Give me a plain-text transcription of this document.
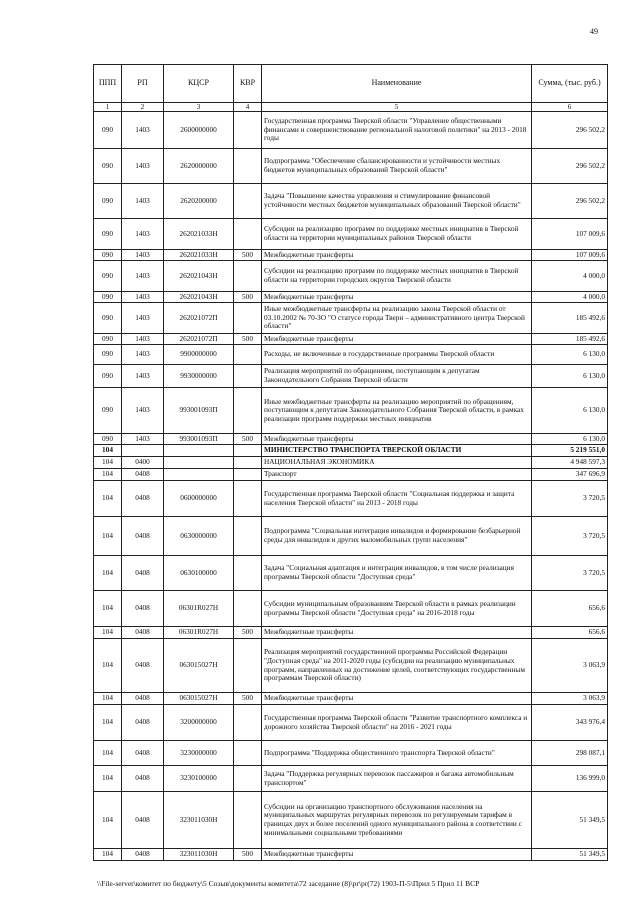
49
ППП	РП	КЦСР	КВР	Наименование	Сумма, (тыс. руб.)
1	2	3	4	5	6
090	1403	2600000000		Государственная программа Тверской области "Управление общественными финансами и совершенствование региональной налоговой политики" на 2013 - 2018 годы	296 502,2
090	1403	2620000000		Подпрограмма "Обеспечение сбалансированности и устойчивости местных бюджетов муниципальных образований Тверской области"	296 502,2
090	1403	2620200000		Задача "Повышение качества управления и стимулирование финансовой устойчивости местных бюджетов муниципальных образований Тверской области"	296 502,2
090	1403	262021033Н		Субсидии на реализацию программ по поддержке местных инициатив в Тверской области на территории муниципальных районов Тверской области	107 009,6
090	1403	262021033Н	500	Межбюджетные трансферты	107 009,6
090	1403	262021043Н		Субсидии на реализацию программ по поддержке местных инициатив в Тверской области на территории городских округов Тверской области	4 000,0
090	1403	262021043Н	500	Межбюджетные трансферты	4 000,0
090	1403	262021072П		Иные межбюджетные трансферты на реализацию закона Тверской области от 03.10.2002 № 70-ЗО "О статусе города Твери – административного центра Тверской области"	185 492,6
090	1403	262021072П	500	Межбюджетные трансферты	185 492,6
090	1403	9900000000		Расходы, не включенные в государственные программы Тверской области	6 130,0
090	1403	9930000000		Реализация мероприятий по обращениям, поступающим к депутатам Законодательного Собрания Тверской области	6 130,0
090	1403	993001093П		Иные межбюджетные трансферты на реализацию мероприятий по обращениям, поступающим к депутатам Законодательного Собрания Тверской области, в рамках реализации программ поддержки местных инициатив	6 130,0
090	1403	993001093П	500	Межбюджетные трансферты	6 130,0
104				МИНИСТЕРСТВО ТРАНСПОРТА ТВЕРСКОЙ ОБЛАСТИ	5 219 551,0
104	0400			НАЦИОНАЛЬНАЯ ЭКОНОМИКА	4 948 597,3
104	0408			Транспорт	347 696,9
104	0408	0600000000		Государственная программа Тверской области "Социальная поддержка и защита населения Тверской области" на 2013 - 2018 годы	3 720,5
104	0408	0630000000		Подпрограмма "Социальная интеграция инвалидов и формирование безбарьерной среды для инвалидов и других маломобильных групп населения"	3 720,5
104	0408	0630100000		Задача "Социальная адаптация и интеграция инвалидов, в том числе реализация программы Тверской области "Доступная среда"	3 720,5
104	0408	06301R027Н		Субсидии муниципальным образованиям Тверской области в рамках реализации программы Тверской области "Доступная среда" на 2016-2018 годы	656,6
104	0408	06301R027Н	500	Межбюджетные трансферты	656,6
104	0408	063015027Н		Реализация мероприятий государственной программы Российской Федерации "Доступная среда" на 2011-2020 годы (субсидии на реализацию муниципальных программ, направленных на достижение целей, соответствующих государственным программам Тверской области)	3 063,9
104	0408	063015027Н	500	Межбюджетные трансферты	3 063,9
104	0408	3200000000		Государственная программа Тверской области "Развитие транспортного комплекса и дорожного хозяйства Тверской области" на 2016 - 2021 годы	343 976,4
104	0408	3230000000		Подпрограмма "Поддержка общественного транспорта Тверской области"	298 087,1
104	0408	3230100000		Задача "Поддержка регулярных перевозок пассажиров и багажа автомобильным транспортом"	136 999,0
104	0408	323011030Н		Субсидии на организацию транспортного обслуживания населения на муниципальных маршрутах регулярных перевозок по регулируемым тарифам в границах двух и более поселений одного муниципального района в соответствии с минимальными социальными требованиями	51 349,5
104	0408	323011030Н	500	Межбюджетные трансферты	51 349,5
\\File-server\комитет по бюджету\5 Созыв\документы комитета\72 заседание (8)\pr\pr(72) 1903-П-5\Прил 5 Прил 11 ВСР
